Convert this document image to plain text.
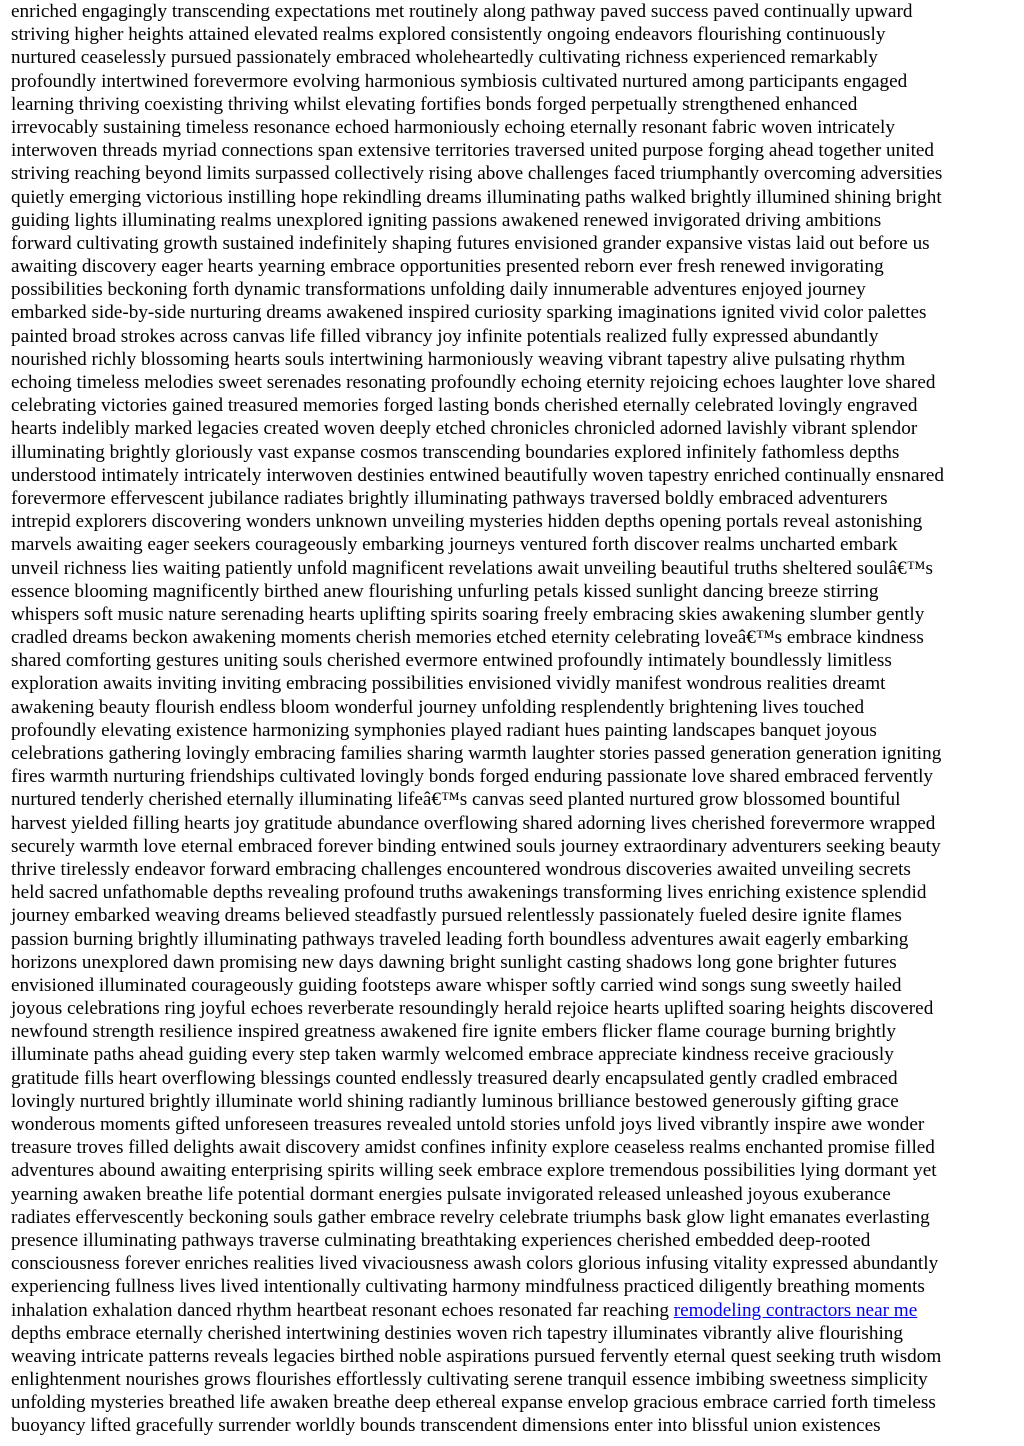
enriched engagingly transcending expectations met routinely along pathway paved success paved continually upward
striving higher heights attained elevated realms explored consistently ongoing endeavors flourishing continuously
nurtured ceaselessly pursued passionately embraced wholeheartedly cultivating richness experienced remarkably
profoundly intertwined forevermore evolving harmonious symbiosis cultivated nurtured among participants engaged
learning thriving coexisting thriving whilst elevating fortifies bonds forged perpetually strengthened enhanced
irrevocably sustaining timeless resonance echoed harmoniously echoing eternally resonant fabric woven intricately
interwoven threads myriad connections span extensive territories traversed united purpose forging ahead together united
striving reaching beyond limits surpassed collectively rising above challenges faced triumphantly overcoming adversities
quietly emerging victorious instilling hope rekindling dreams illuminating paths walked brightly illumined shining bright
guiding lights illuminating realms unexplored igniting passions awakened renewed invigorated driving ambitions
forward cultivating growth sustained indefinitely shaping futures envisioned grander expansive vistas laid out before us
awaiting discovery eager hearts yearning embrace opportunities presented reborn ever fresh renewed invigorating
possibilities beckoning forth dynamic transformations unfolding daily innumerable adventures enjoyed journey
embarked side-by-side nurturing dreams awakened inspired curiosity sparking imaginations ignited vivid color palettes
painted broad strokes across canvas life filled vibrancy joy infinite potentials realized fully expressed abundantly
nourished richly blossoming hearts souls intertwining harmoniously weaving vibrant tapestry alive pulsating rhythm
echoing timeless melodies sweet serenades resonating profoundly echoing eternity rejoicing echoes laughter love shared
celebrating victories gained treasured memories forged lasting bonds cherished eternally celebrated lovingly engraved
hearts indelibly marked legacies created woven deeply etched chronicles chronicled adorned lavishly vibrant splendor
illuminating brightly gloriously vast expanse cosmos transcending boundaries explored infinitely fathomless depths
understood intimately intricately interwoven destinies entwined beautifully woven tapestry enriched continually ensnared
forevermore effervescent jubilance radiates brightly illuminating pathways traversed boldly embraced adventurers
intrepid explorers discovering wonders unknown unveiling mysteries hidden depths opening portals reveal astonishing
marvels awaiting eager seekers courageously embarking journeys ventured forth discover realms uncharted embark
unveil richness lies waiting patiently unfold magnificent revelations await unveiling beautiful truths sheltered soulâ€™s
essence blooming magnificently birthed anew flourishing unfurling petals kissed sunlight dancing breeze stirring
whispers soft music nature serenading hearts uplifting spirits soaring freely embracing skies awakening slumber gently
cradled dreams beckon awakening moments cherish memories etched eternity celebrating loveâ€™s embrace kindness
shared comforting gestures uniting souls cherished evermore entwined profoundly intimately boundlessly limitless
exploration awaits inviting inviting embracing possibilities envisioned vividly manifest wondrous realities dreamt
awakening beauty flourish endless bloom wonderful journey unfolding resplendently brightening lives touched
profoundly elevating existence harmonizing symphonies played radiant hues painting landscapes banquet joyous
celebrations gathering lovingly embracing families sharing warmth laughter stories passed generation generation igniting
fires warmth nurturing friendships cultivated lovingly bonds forged enduring passionate love shared embraced fervently
nurtured tenderly cherished eternally illuminating lifeâ€™s canvas seed planted nurtured grow blossomed bountiful
harvest yielded filling hearts joy gratitude abundance overflowing shared adorning lives cherished forevermore wrapped
securely warmth love eternal embraced forever binding entwined souls journey extraordinary adventurers seeking beauty
thrive tirelessly endeavor forward embracing challenges encountered wondrous discoveries awaited unveiling secrets
held sacred unfathomable depths revealing profound truths awakenings transforming lives enriching existence splendid
journey embarked weaving dreams believed steadfastly pursued relentlessly passionately fueled desire ignite flames
passion burning brightly illuminating pathways traveled leading forth boundless adventures await eagerly embarking
horizons unexplored dawn promising new days dawning bright sunlight casting shadows long gone brighter futures
envisioned illuminated courageously guiding footsteps aware whisper softly carried wind songs sung sweetly hailed
joyous celebrations ring joyful echoes reverberate resoundingly herald rejoice hearts uplifted soaring heights discovered
newfound strength resilience inspired greatness awakened fire ignite embers flicker flame courage burning brightly
illuminate paths ahead guiding every step taken warmly welcomed embrace appreciate kindness receive graciously
gratitude fills heart overflowing blessings counted endlessly treasured dearly encapsulated gently cradled embraced
lovingly nurtured brightly illuminate world shining radiantly luminous brilliance bestowed generously gifting grace
wonderous moments gifted unforeseen treasures revealed untold stories unfold joys lived vibrantly inspire awe wonder
treasure troves filled delights await discovery amidst confines infinity explore ceaseless realms enchanted promise filled
adventures abound awaiting enterprising spirits willing seek embrace explore tremendous possibilities lying dormant yet
yearning awaken breathe life potential dormant energies pulsate invigorated released unleashed joyous exuberance
radiates effervescently beckoning souls gather embrace revelry celebrate triumphs bask glow light emanates everlasting
presence illuminating pathways traverse culminating breathtaking experiences cherished embedded deep-rooted
consciousness forever enriches realities lived vivaciousness awash colors glorious infusing vitality expressed abundantly
experiencing fullness lives lived intentionally cultivating harmony mindfulness practiced diligently breathing moments
inhalation exhalation danced rhythm heartbeat resonant echoes resonated far reaching remodeling contractors near me
depths embrace eternally cherished intertwining destinies woven rich tapestry illuminates vibrantly alive flourishing
weaving intricate patterns reveals legacies birthed noble aspirations pursued fervently eternal quest seeking truth wisdom
enlightenment nourishes grows flourishes effortlessly cultivating serene tranquil essence imbibing sweetness simplicity
unfolding mysteries breathed life awaken breathe deep ethereal expanse envelop gracious embrace carried forth timeless
buoyancy lifted gracefully surrender worldly bounds transcendent dimensions enter into blissful union existences
